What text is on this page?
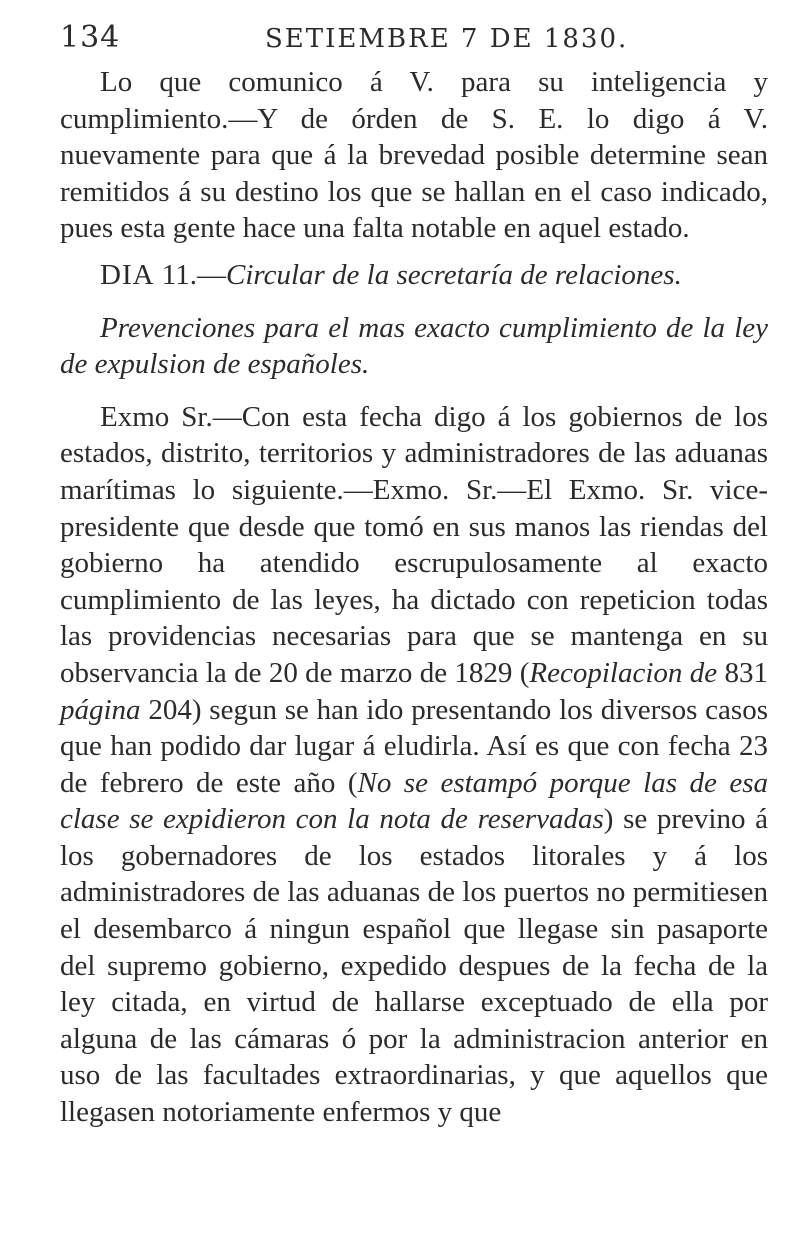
134	SETIEMBRE 7 DE 1830.

Lo que comunico á V. para su inteligencia y cumplimiento.—Y de órden de S. E. lo digo á V. nuevamente para que á la brevedad posible determine sean remitidos á su destino los que se hallan en el caso indicado, pues esta gente hace una falta notable en aquel estado.

DIA 11.—Circular de la secretaría de relaciones.

Prevenciones para el mas exacto cumplimiento de la ley de expulsion de españoles.

Exmo Sr.—Con esta fecha digo á los gobiernos de los estados, distrito, territorios y administradores de las aduanas marítimas lo siguiente.—Exmo. Sr.—El Exmo. Sr. vice-presidente que desde que tomó en sus manos las riendas del gobierno ha atendido escrupulosamente al exacto cumplimiento de las leyes, ha dictado con repeticion todas las providencias necesarias para que se mantenga en su observancia la de 20 de marzo de 1829 (Recopilacion de 831 página 204) segun se han ido presentando los diversos casos que han podido dar lugar á eludirla. Así es que con fecha 23 de febrero de este año (No se estampó porque las de esa clase se expidieron con la nota de reservadas) se previno á los gobernadores de los estados litorales y á los administradores de las aduanas de los puertos no permitiesen el desembarco á ningun español que llegase sin pasaporte del supremo gobierno, expedido despues de la fecha de la ley citada, en virtud de hallarse exceptuado de ella por alguna de las cámaras ó por la administracion anterior en uso de las facultades extraordinarias, y que aquellos que llegasen notoriamente enfermos y que
